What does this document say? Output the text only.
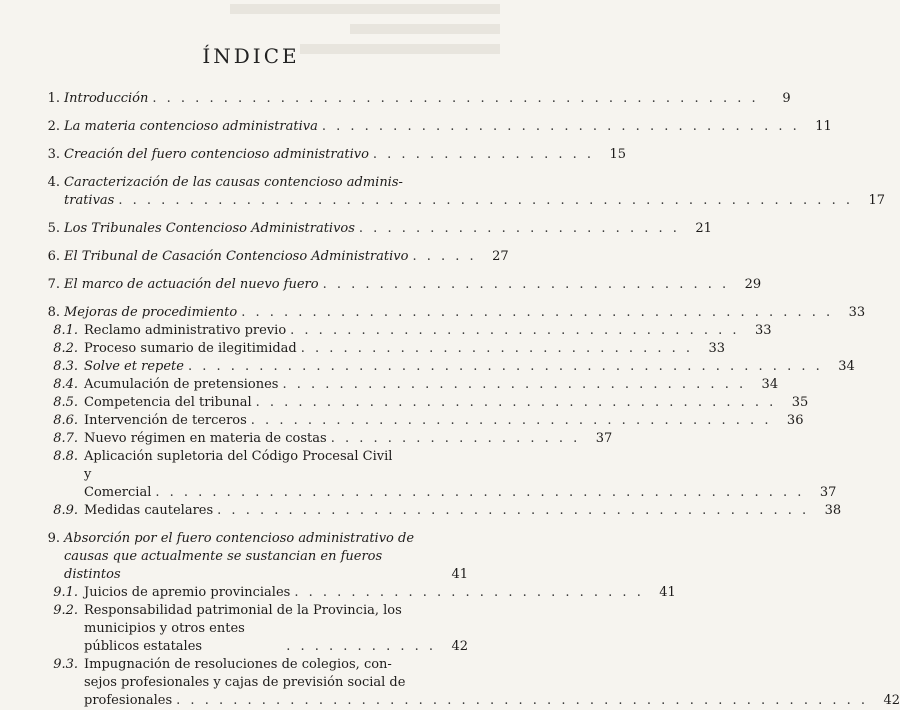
ÍNDICE
1. Introducción . . . . . . . . . . . . . . . . . . . . . . . . . . . . . . . . . . . . . . . . . . .	9
2. La materia contencioso administrativa . . . . . . . . . . . . . . . . . . . . . . . . . . . . . . . . . .	11
3. Creación del fuero contencioso administrativo . . . . . . . . . . . . . . . .	15
4. Caracterización de las causas contencioso adminis-
trativas . . . . . . . . . . . . . . . . . . . . . . . . . . . . . . . . . . . . . . . . . . . . . . . . . . . .	17
5. Los Tribunales Contencioso Administrativos . . . . . . . . . . . . . . . . . . . . . . .	21
6. El Tribunal de Casación Contencioso Administrativo . . . . .	27
7. El marco de actuación del nuevo fuero . . . . . . . . . . . . . . . . . . . . . . . . . . . . .	29
8. Mejoras de procedimiento . . . . . . . . . . . . . . . . . . . . . . . . . . . . . . . . . . . . . . . . . .	33
8.1. Reclamo administrativo previo . . . . . . . . . . . . . . . . . . . . . . . . . . . . . . . .	33
8.2. Proceso sumario de ilegitimidad . . . . . . . . . . . . . . . . . . . . . . . . . . . .	33
8.3. Solve et repete . . . . . . . . . . . . . . . . . . . . . . . . . . . . . . . . . . . . . . . . . . . . .	34
8.4. Acumulación de pretensiones . . . . . . . . . . . . . . . . . . . . . . . . . . . . . . . . .	34
8.5. Competencia del tribunal . . . . . . . . . . . . . . . . . . . . . . . . . . . . . . . . . . . . .	35
8.6. Intervención de terceros . . . . . . . . . . . . . . . . . . . . . . . . . . . . . . . . . . . . .	36
8.7. Nuevo régimen en materia de costas . . . . . . . . . . . . . . . . . .	37
8.8. Aplicación supletoria del Código Procesal Civil
y Comercial . . . . . . . . . . . . . . . . . . . . . . . . . . . . . . . . . . . . . . . . . . . . . .	37
8.9. Medidas cautelares . . . . . . . . . . . . . . . . . . . . . . . . . . . . . . . . . . . . . . . . . .	38
9. Absorción por el fuero contencioso administrativo de
causas que actualmente se sustancian en fueros distintos	41
9.1. Juicios de apremio provinciales . . . . . . . . . . . . . . . . . . . . . . . . .	41
9.2. Responsabilidad patrimonial de la Provincia, los
municipios y otros entes públicos estatales	. . . . . . . . . . .	42
9.3. Impugnación de resoluciones de colegios, con-
sejos profesionales y cajas de previsión social de
profesionales . . . . . . . . . . . . . . . . . . . . . . . . . . . . . . . . . . . . . . . . . . . . . . . . .	42
